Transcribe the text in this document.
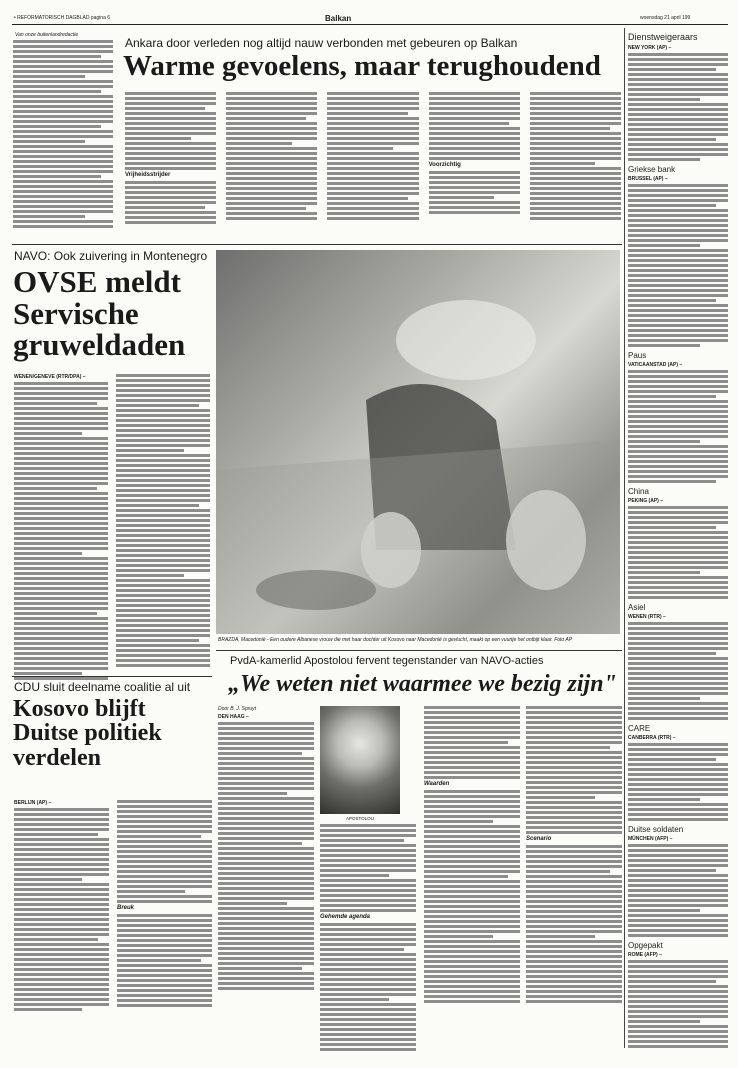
• REFORMATORISCH DAGBLAD pagina 6	Balkan	woensdag 21 april 199
Van onze buitenlandredactie
Ankara door verleden nog altijd nauw verbonden met gebeuren op Balkan
Warme gevoelens, maar terughoudend
Vrijheidsstrijder
Voorzichtig
NAVO: Ook zuivering in Montenegro
OVSE meldt Servische gruweldaden
WENEN/GENEVE (RTR/DPA) –
BRAZDA, Macedonië - Een oudere Albanese vrouw die met haar dochter uit Kosovo naar Macedonië is gevlucht, maakt op een vuurtje het ontbijt klaar. Foto AP
PvdA-kamerlid Apostolou fervent tegenstander van NAVO-acties
„We weten niet waarmee we bezig zijn"
Door B. J. Spruyt
DEN HAAG –
APOSTOLOU
Gehemde agenda
Waarden
Scenario
CDU sluit deelname coalitie al uit
Kosovo blijft Duitse politiek verdelen
BERLIJN (AP) –
Breuk
Dienstweigeraars
NEW YORK (AP) –
Griekse bank
BRUSSEL (AP) –
Paus
VATICAANSTAD (AP) –
China
PEKING (AP) –
Asiel
WENEN (RTR) –
CARE
CANBERRA (RTR) –
Duitse soldaten
MÜNCHEN (AFP) –
Opgepakt
ROME (AFP) –
